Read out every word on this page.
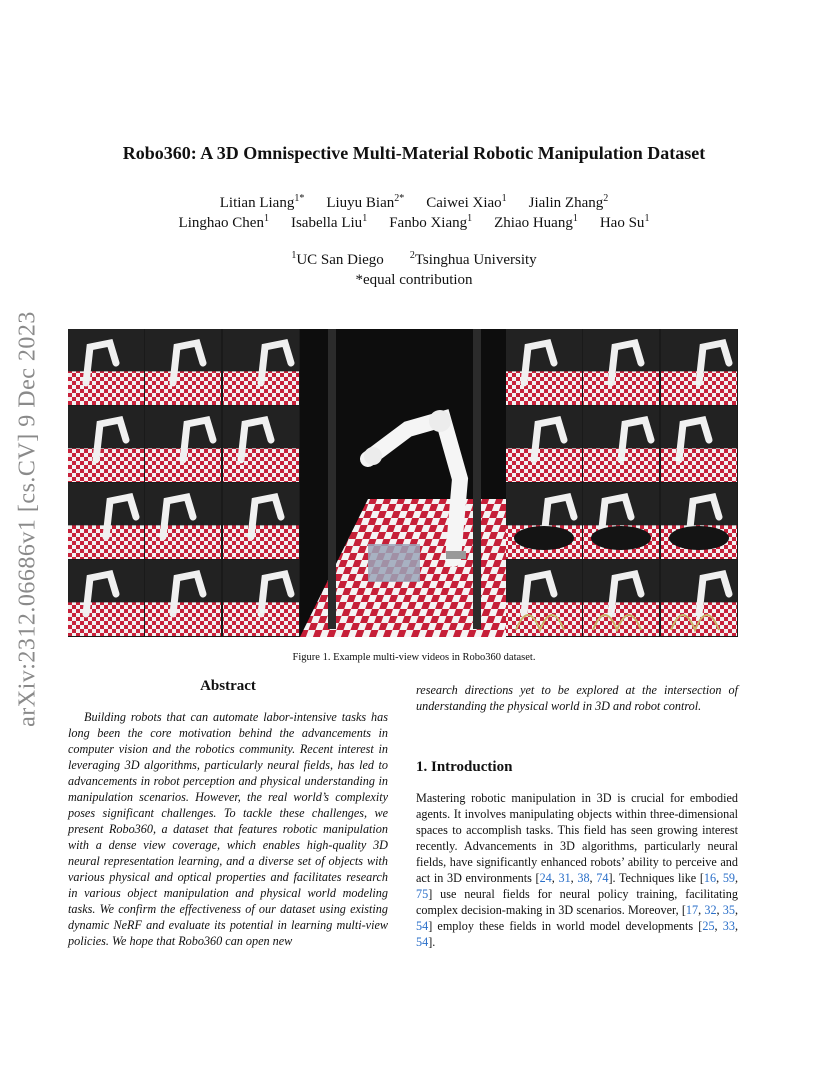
arXiv:2312.06686v1 [cs.CV] 9 Dec 2023
Robo360: A 3D Omnispective Multi-Material Robotic Manipulation Dataset
Litian Liang$^{1*}$ Liuyu Bian$^{2*}$ Caiwei Xiao$^1$ Jialin Zhang$^2$
Linghao Chen$^1$ Isabella Liu$^1$ Fanbo Xiang$^1$ Zhiao Huang$^1$ Hao Su$^1$
$^1$UC San Diego	$^2$Tsinghua University
*equal contribution
Figure 1. Example multi-view videos in Robo360 dataset.
Abstract
Building robots that can automate labor-intensive tasks has long been the core motivation behind the advancements in computer vision and the robotics community. Recent interest in leveraging 3D algorithms, particularly neural fields, has led to advancements in robot perception and physical understanding in manipulation scenarios. However, the real world’s complexity poses significant challenges. To tackle these challenges, we present Robo360, a dataset that features robotic manipulation with a dense view coverage, which enables high-quality 3D neural representation learning, and a diverse set of objects with various physical and optical properties and facilitates research in various object manipulation and physical world modeling tasks. We confirm the effectiveness of our dataset using existing dynamic NeRF and evaluate its potential in learning multi-view policies. We hope that Robo360 can open new
research directions yet to be explored at the intersection of understanding the physical world in 3D and robot control.
1. Introduction
Mastering robotic manipulation in 3D is crucial for embodied agents. It involves manipulating objects within three-dimensional spaces to accomplish tasks. This field has seen growing interest recently. Advancements in 3D algorithms, particularly neural fields, have significantly enhanced robots’ ability to perceive and act in 3D environments [24, 31, 38, 74]. Techniques like [16, 59, 75] use neural fields for neural policy training, facilitating complex decision-making in 3D scenarios. Moreover, [17, 32, 35, 54] employ these fields in world model developments [25, 33, 54].
